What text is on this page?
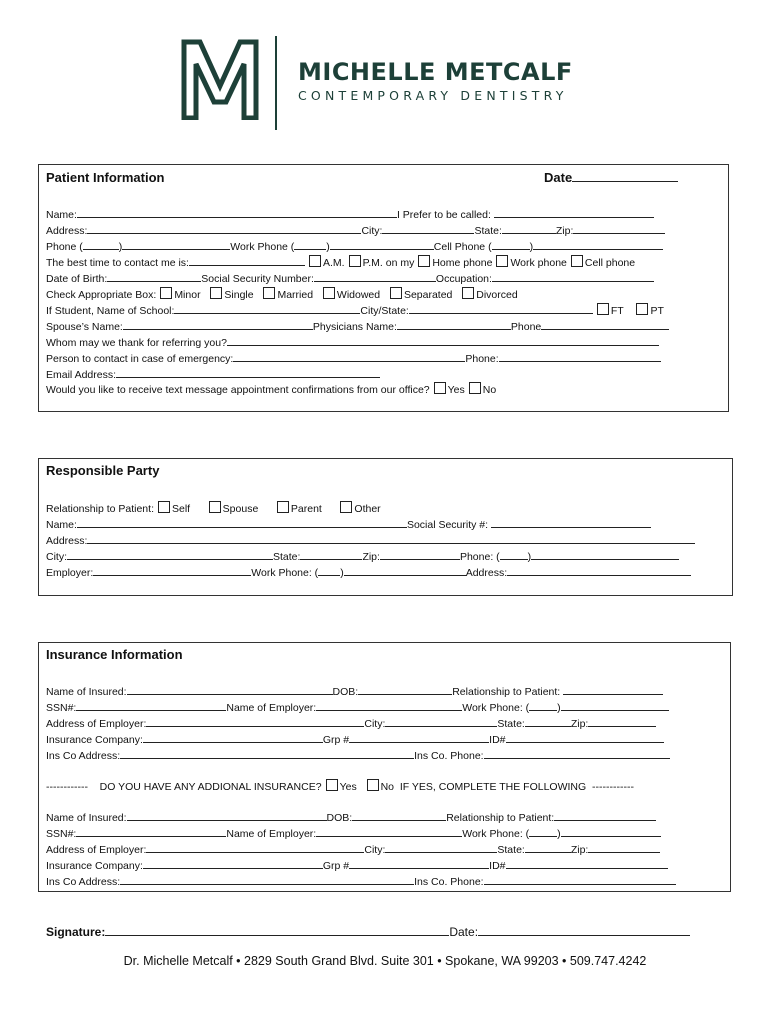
MICHELLE METCALF
CONTEMPORARY DENTISTRY
Patient Information	Date
Name:	I Prefer to be called:
Address:	City:	State:	Zip:
Phone (	)	Work Phone (	)	Cell Phone (	)
The best time to contact me is:	A.M. P.M. on my Home phone Work phone Cell phone
Date of Birth:	Social Security Number:	Occupation:
Check Appropriate Box: Minor Single Married Widowed Separated Divorced
If Student, Name of School:	City/State:	FT	PT
Spouse’s Name:	Physicians Name:	Phone
Whom may we thank for referring you?
Person to contact in case of emergency:	Phone:
Email Address:
Would you like to receive text message appointment confirmations from our office? Yes No
Responsible Party
Relationship to Patient: Self	Spouse	Parent	Other
Name:	Social Security #:
Address:
City:	State:	Zip:	Phone: (	)
Employer:	Work Phone: ( )	Address:
Insurance Information
Name of Insured:	DOB:	Relationship to Patient:
SSN#:	Name of Employer:	Work Phone: (	)
Address of Employer:	City:	State:	Zip:
Insurance Company:	Grp #	ID#
Ins Co Address:	Ins Co. Phone:
------------ DO YOU HAVE ANY ADDIONAL INSURANCE? Yes No IF YES, COMPLETE THE FOLLOWING ------------
Name of Insured:	DOB:	Relationship to Patient:
SSN#:	Name of Employer:	Work Phone: (	)
Address of Employer:	City:	State:	Zip:
Insurance Company:	Grp #	ID#
Ins Co Address:	Ins Co. Phone:
Signature:	Date:
Dr. Michelle Metcalf • 2829 South Grand Blvd. Suite 301 • Spokane, WA 99203 • 509.747.4242
